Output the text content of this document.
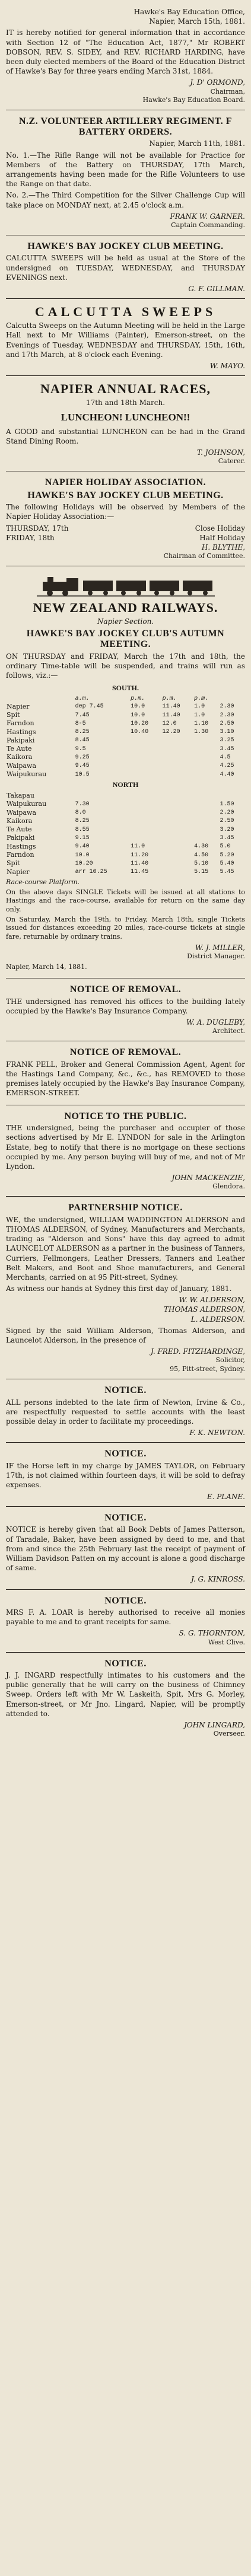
Hawke's Bay Education Office,
Napier, March 15th, 1881.
IT is hereby notified for general information that in accordance with Section 12 of "The Education Act, 1877," Mr ROBERT DOBSON, REV. S. SIDEY, and REV. RICHARD HARDING, have been duly elected members of the Board of the Education District of Hawke's Bay for three years ending March 31st, 1884.
J. D' ORMOND,
Chairman,
Hawke's Bay Education Board.
N.Z. VOLUNTEER ARTILLERY REGIMENT. F BATTERY ORDERS.
Napier, March 11th, 1881.
No. 1.—The Rifle Range will not be available for Practice for Members of the Battery on THURSDAY, 17th March, arrangements having been made for the Rifle Volunteers to use the Range on that date.
No. 2.—The Third Competition for the Silver Challenge Cup will take place on MONDAY next, at 2.45 o'clock a.m.
FRANK W. GARNER.
Captain Commanding.
HAWKE'S BAY JOCKEY CLUB MEETING.
CALCUTTA SWEEPS will be held as usual at the Store of the undersigned on TUESDAY, WEDNESDAY, and THURSDAY EVENINGS next.
G. F. GILLMAN.
CALCUTTA SWEEPS
Calcutta Sweeps on the Autumn Meeting will be held in the Large Hall next to Mr Williams (Painter), Emerson-street, on the Evenings of Tuesday, WEDNESDAY and THURSDAY, 15th, 16th, and 17th March, at 8 o'clock each Evening.
W. MAYO.
NAPIER ANNUAL RACES,
17th and 18th March.
LUNCHEON! LUNCHEON!!
A GOOD and substantial LUNCHEON can be had in the Grand Stand Dining Room.
T. JOHNSON,
Caterer.
NAPIER HOLIDAY ASSOCIATION.
HAWKE'S BAY JOCKEY CLUB MEETING.
The following Holidays will be observed by Members of the Napier Holiday Association:—
THURSDAY, 17th	Close Holiday
FRIDAY, 18th	Half Holiday
H. BLYTHE,
Chairman of Committee.
NEW ZEALAND RAILWAYS.
Napier Section.
HAWKE'S BAY JOCKEY CLUB'S AUTUMN MEETING.
ON THURSDAY and FRIDAY, March the 17th and 18th, the ordinary Time-table will be suspended, and trains will run as follows, viz.:—
SOUTH.					
	a.m.	p.m.	p.m.	p.m.	
Napier	dep 7.45	10.0	11.40	1.0	2.30
Spit	7.45	10.0	11.40	1.0	2.30
Farndon	8-5	10.20	12.0	1.10	2.50
Hastings	8.25	10.40	12.20	1.30	3.10
Pakipaki	8.45				3.25
Te Aute	9.5				3.45
Kaikora	9.25				4.5
Waipawa	9.45				4.25
Waipukurau	10.5				4.40
NORTH					
Takapau					
Waipukurau	7.30				1.50
Waipawa	8.0				2.20
Kaikora	8.25				2.50
Te Aute	8.55				3.20
Pakipaki	9.15				3.45
Hastings	9.40	11.0		4.30	5.0
Farndon	10.0	11.20		4.50	5.20
Spit	10.20	11.40		5.10	5.40
Napier	arr 10.25	11.45		5.15	5.45
Race-course Platform.
On the above days SINGLE Tickets will be issued at all stations to Hastings and the race-course, available for return on the same day only.
On Saturday, March the 19th, to Friday, March 18th, single Tickets issued for distances exceeding 20 miles, race-course tickets at single fare, returnable by ordinary trains.
W. J. MILLER,
District Manager.
Napier, March 14, 1881.
NOTICE OF REMOVAL.
THE undersigned has removed his offices to the building lately occupied by the Hawke's Bay Insurance Company.
W. A. DUGLEBY,
Architect.
NOTICE OF REMOVAL.
FRANK PELL, Broker and General Commission Agent, Agent for the Hastings Land Company, &c., &c., has REMOVED to those premises lately occupied by the Hawke's Bay Insurance Company, EMERSON-STREET.
NOTICE TO THE PUBLIC.
THE undersigned, being the purchaser and occupier of those sections advertised by Mr E. LYNDON for sale in the Arlington Estate, beg to notify that there is no mortgage on these sections occupied by me. Any person buying will buy of me, and not of Mr Lyndon.
JOHN MACKENZIE,
Glendora.
PARTNERSHIP NOTICE.
WE, the undersigned, WILLIAM WADDINGTON ALDERSON and THOMAS ALDERSON, of Sydney, Manufacturers and Merchants, trading as "Alderson and Sons" have this day agreed to admit LAUNCELOT ALDERSON as a partner in the business of Tanners, Curriers, Fellmongers, Leather Dressers, Tanners and Leather Belt Makers, and Boot and Shoe manufacturers, and General Merchants, carried on at 95 Pitt-street, Sydney.
As witness our hands at Sydney this first day of January, 1881.
W. W. ALDERSON,
THOMAS ALDERSON,
L. ALDERSON.
Signed by the said William Alderson, Thomas Alderson, and Launcelot Alderson, in the presence of
J. FRED. FITZHARDINGE,
Solicitor,
95, Pitt-street, Sydney.
NOTICE.
ALL persons indebted to the late firm of Newton, Irvine & Co., are respectfully requested to settle accounts with the least possible delay in order to facilitate my proceedings.
F. K. NEWTON.
NOTICE.
IF the Horse left in my charge by JAMES TAYLOR, on February 17th, is not claimed within fourteen days, it will be sold to defray expenses.
E. PLANE.
NOTICE.
NOTICE is hereby given that all Book Debts of James Patterson, of Taradale, Baker, have been assigned by deed to me, and that from and since the 25th February last the receipt of payment of William Davidson Patten on my account is alone a good discharge of same.
J. G. KINROSS.
NOTICE.
MRS F. A. LOAR is hereby authorised to receive all monies payable to me and to grant receipts for same.
S. G. THORNTON,
West Clive.
NOTICE.
J. J. INGARD respectfully intimates to his customers and the public generally that he will carry on the business of Chimney Sweep. Orders left with Mr W. Laskeith, Spit, Mrs G. Morley, Emerson-street, or Mr Jno. Lingard, Napier, will be promptly attended to.
JOHN LINGARD,
Overseer.
